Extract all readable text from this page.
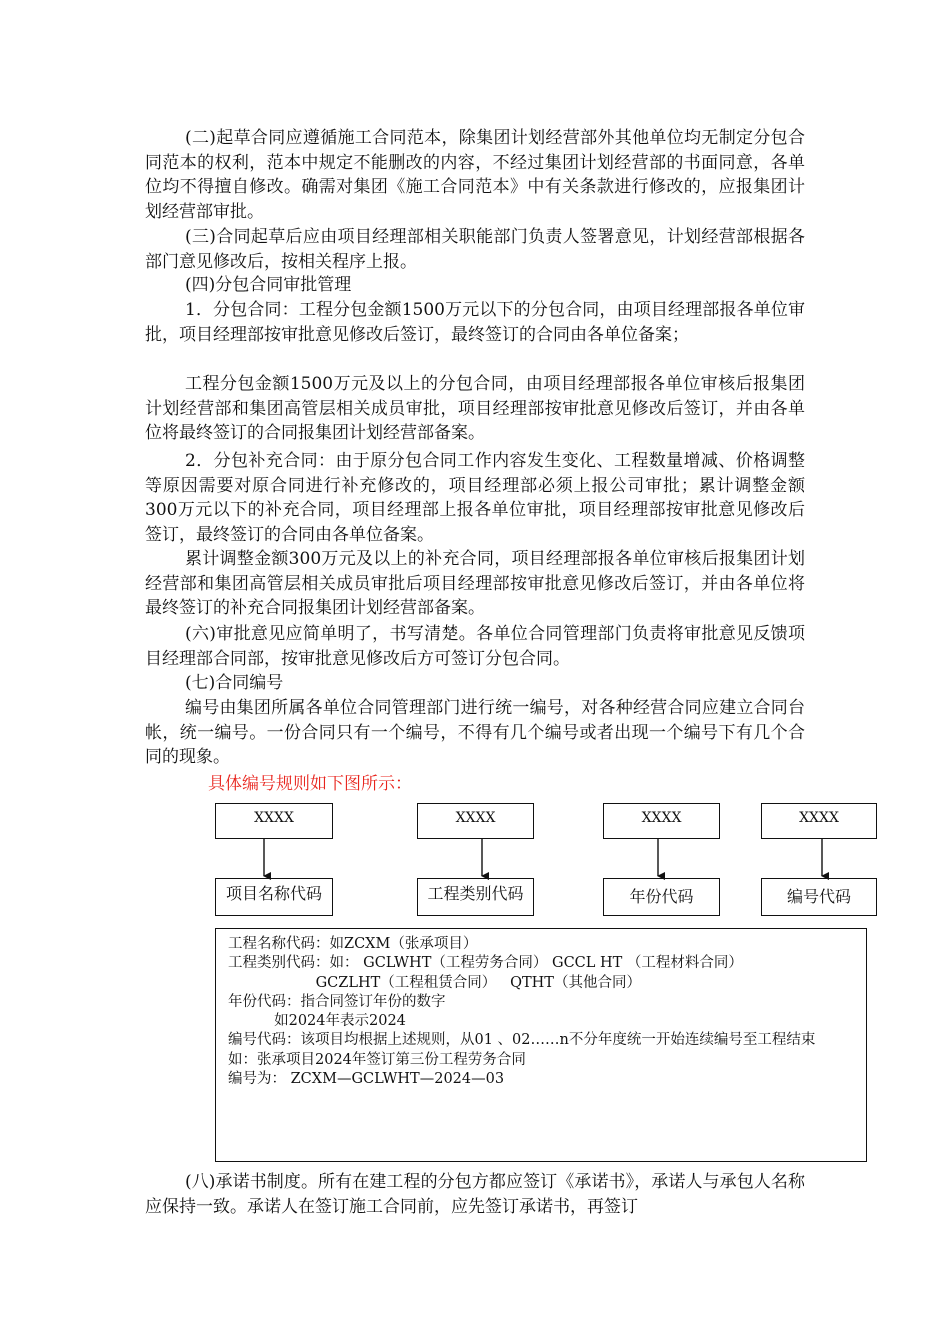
(二)起草合同应遵循施工合同范本，除集团计划经营部外其他单位均无制定分包合同范本的权利，范本中规定不能删改的内容，不经过集团计划经营部的书面同意，各单位均不得擅自修改。确需对集团《施工合同范本》中有关条款进行修改的，应报集团计划经营部审批。

(三)合同起草后应由项目经理部相关职能部门负责人签署意见，计划经营部根据各部门意见修改后，按相关程序上报。

(四)分包合同审批管理

1．分包合同：工程分包金额1500万元以下的分包合同，由项目经理部报各单位审批，项目经理部按审批意见修改后签订，最终签订的合同由各单位备案；

工程分包金额1500万元及以上的分包合同，由项目经理部报各单位审核后报集团计划经营部和集团高管层相关成员审批，项目经理部按审批意见修改后签订，并由各单位将最终签订的合同报集团计划经营部备案。

2．分包补充合同：由于原分包合同工作内容发生变化、工程数量增减、价格调整等原因需要对原合同进行补充修改的，项目经理部必须上报公司审批；累计调整金额300万元以下的补充合同，项目经理部上报各单位审批，项目经理部按审批意见修改后签订，最终签订的合同由各单位备案。

累计调整金额300万元及以上的补充合同，项目经理部报各单位审核后报集团计划经营部和集团高管层相关成员审批后项目经理部按审批意见修改后签订，并由各单位将最终签订的补充合同报集团计划经营部备案。

(六)审批意见应简单明了，书写清楚。各单位合同管理部门负责将审批意见反馈项目经理部合同部，按审批意见修改后方可签订分包合同。

(七)合同编号

编号由集团所属各单位合同管理部门进行统一编号，对各种经营合同应建立合同台帐，统一编号。一份合同只有一个编号，不得有几个编号或者出现一个编号下有几个合同的现象。

具体编号规则如下图所示：

XXXX	XXXX	XXXX	XXXX
项目名称代码	工程类别代码	年份代码	编号代码
工程名称代码：如ZCXM（张承项目）
工程类别代码：如： GCLWHT（工程劳务合同） GCCL HT （工程材料合同）
GCZLHT（工程租赁合同）   QTHT（其他合同）
年份代码：指合同签订年份的数字
如2024年表示2024
编号代码：该项目均根据上述规则，从01 、02……n不分年度统一开始连续编号至工程结束
如：张承项目2024年签订第三份工程劳务合同
编号为： ZCXM—GCLWHT—2024—03

(八)承诺书制度。所有在建工程的分包方都应签订《承诺书》，承诺人与承包人名称应保持一致。承诺人在签订施工合同前，应先签订承诺书，再签订
